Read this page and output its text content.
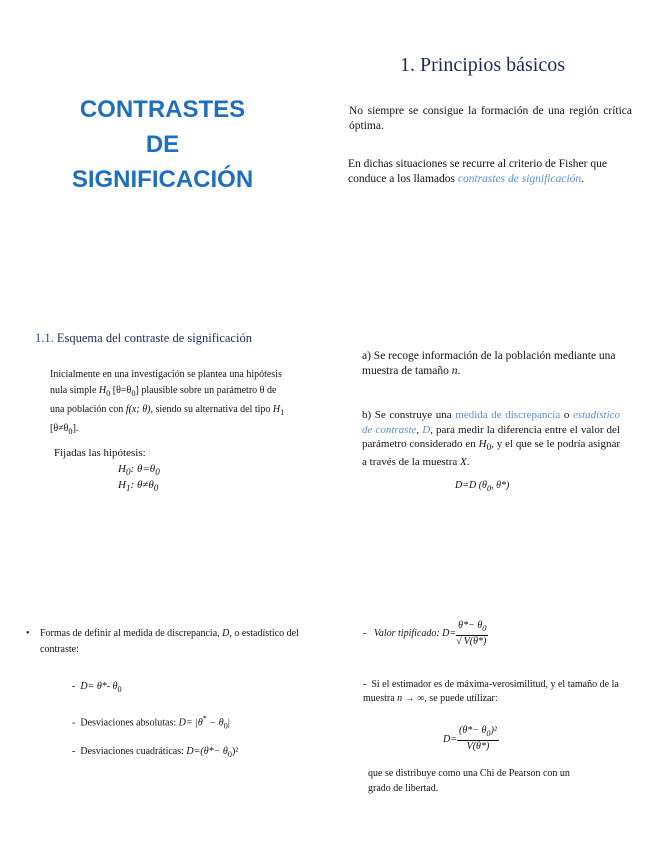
CONTRASTES
DE
SIGNIFICACIÓN
1. Principios básicos
No siempre se consigue la formación de una región crítica óptima.
En dichas situaciones se recurre al criterio de Fisher que conduce a los llamados contrastes de significación.
1.1. Esquema del contraste de significación
Inicialmente en una investigación se plantea una hipótesis nula simple $H_0$ $[\theta=\theta_0]$ plausible sobre un parámetro θ de una población con f(x; θ), siendo su alternativa del tipo $H_1$ $[\theta\ne\theta_0]$.
Fijadas las hipótesis:
$H_0$: $\theta=\theta_0$
$H_1$: $\theta\ne\theta_0$
a) Se recoge información de la población mediante una muestra de tamaño n.
b) Se construye una medida de discrepancia o estadístico de contraste, D, para medir la diferencia entre el valor del parámetro considerado en $H_0$, y el que se le podría asignar a través de la muestra X.
D=D ($\theta_0$, θ*)
• Formas de definir al medida de discrepancia, D, o estadístico del contraste:
- D= θ*- $\theta_0$
- Desviaciones absolutas: $D= |\theta^* - \theta_0|$
- Desviaciones cuadráticas: $D=(\theta*- \theta_0)^2$
-
Valor tipificado: $D= \frac{\theta*- \theta_0}{√ V(\theta*)}$
- Si el estimador es de máxima-verosimilitud, y el tamaño de la muestra n → ∞, se puede utilizar:
$D= \frac{(\theta*- \theta_0)^2}{V(\theta*)}$
que se distribuye como una Chi de Pearson con un grado de libertad.
